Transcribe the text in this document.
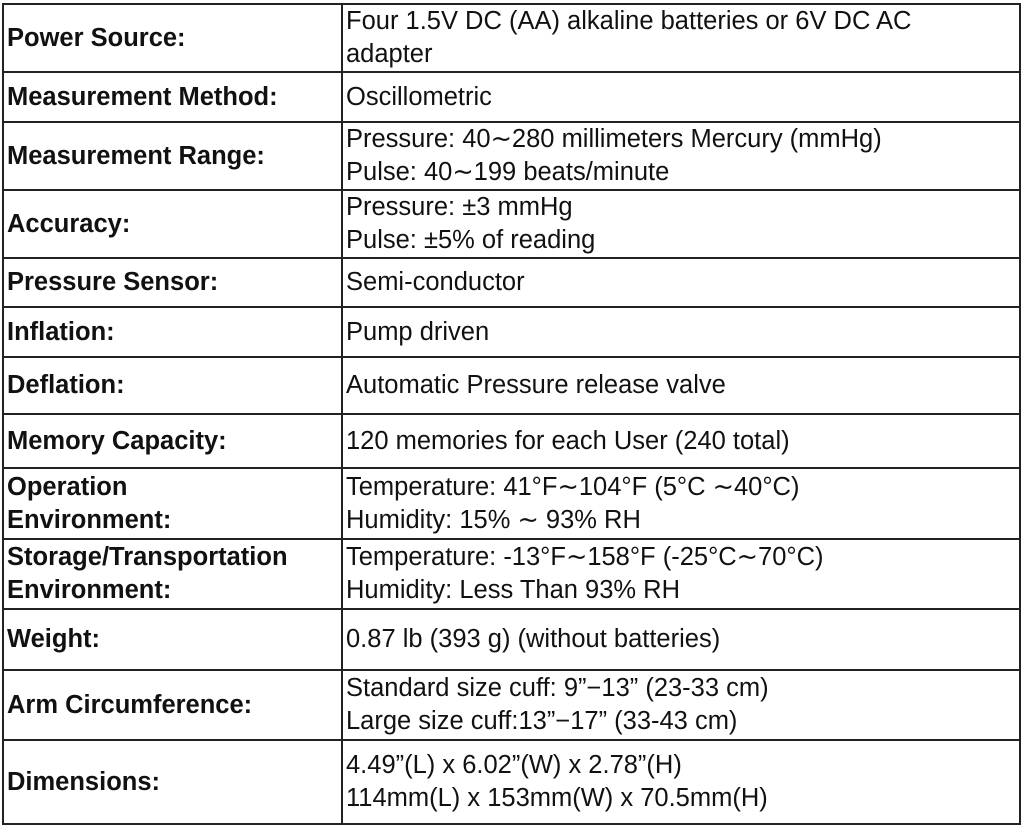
Power Source:	Four 1.5V DC (AA) alkaline batteries or 6V DC AC
adapter

Measurement Method:	Oscillometric

Measurement Range:	Pressure: 40∼280 millimeters Mercury (mmHg)
Pulse: 40∼199 beats/minute

Accuracy:	Pressure: ±3 mmHg
Pulse: ±5% of reading

Pressure Sensor:	Semi-conductor

Inflation:	Pump driven

Deflation:	Automatic Pressure release valve

Memory Capacity:	120 memories for each User (240 total)

Operation
Environment:	Temperature: 41°F∼104°F (5°C ∼40°C)
Humidity: 15% ∼ 93% RH

Storage/Transportation
Environment:	Temperature: -13°F∼158°F (-25°C∼70°C)
Humidity: Less Than 93% RH

Weight:	0.87 lb (393 g) (without batteries)

Arm Circumference:	Standard size cuff: 9”−13” (23-33 cm)
Large size cuff:13”−17” (33-43 cm)

Dimensions:	4.49”(L) x 6.02”(W) x 2.78”(H)
114mm(L) x 153mm(W) x 70.5mm(H)
